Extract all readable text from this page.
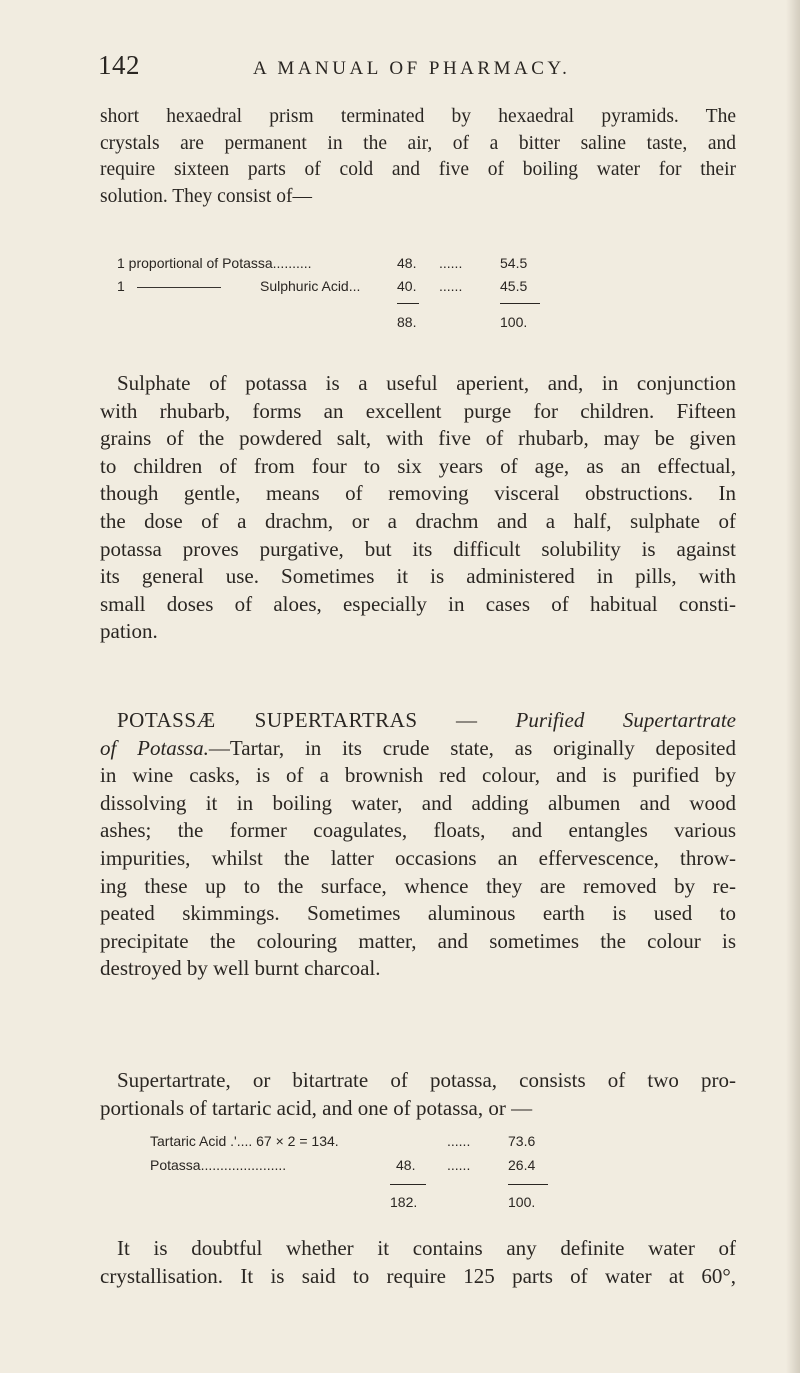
142	A MANUAL OF PHARMACY.
short hexaedral prism terminated by hexaedral pyramids. The
crystals are permanent in the air, of a bitter saline taste, and
require sixteen parts of cold and five of boiling water for their
solution. They consist of—
1 proportional of Potassa..........	48. ......	54.5
1 ——————	Sulphuric Acid...	40. ......	45.5
88.	100.
Sulphate of potassa is a useful aperient, and, in conjunction
with rhubarb, forms an excellent purge for children. Fifteen
grains of the powdered salt, with five of rhubarb, may be given
to children of from four to six years of age, as an effectual,
though gentle, means of removing visceral obstructions. In
the dose of a drachm, or a drachm and a half, sulphate of
potassa proves purgative, but its difficult solubility is against
its general use. Sometimes it is administered in pills, with
small doses of aloes, especially in cases of habitual consti-
pation.
POTASSÆ SUPERTARTRAS — Purified Supertartrate
of Potassa.—Tartar, in its crude state, as originally deposited
in wine casks, is of a brownish red colour, and is purified by
dissolving it in boiling water, and adding albumen and wood
ashes; the former coagulates, floats, and entangles various
impurities, whilst the latter occasions an effervescence, throw-
ing these up to the surface, whence they are removed by re-
peated skimmings. Sometimes aluminous earth is used to
precipitate the colouring matter, and sometimes the colour is
destroyed by well burnt charcoal.
Supertartrate, or bitartrate of potassa, consists of two pro-
portionals of tartaric acid, and one of potassa, or —
Tartaric Acid .'.... 67 × 2 = 134.	......	73.6
Potassa......................	48. ......	26.4
182.	100.
It is doubtful whether it contains any definite water of
crystallisation. It is said to require 125 parts of water at 60°,
